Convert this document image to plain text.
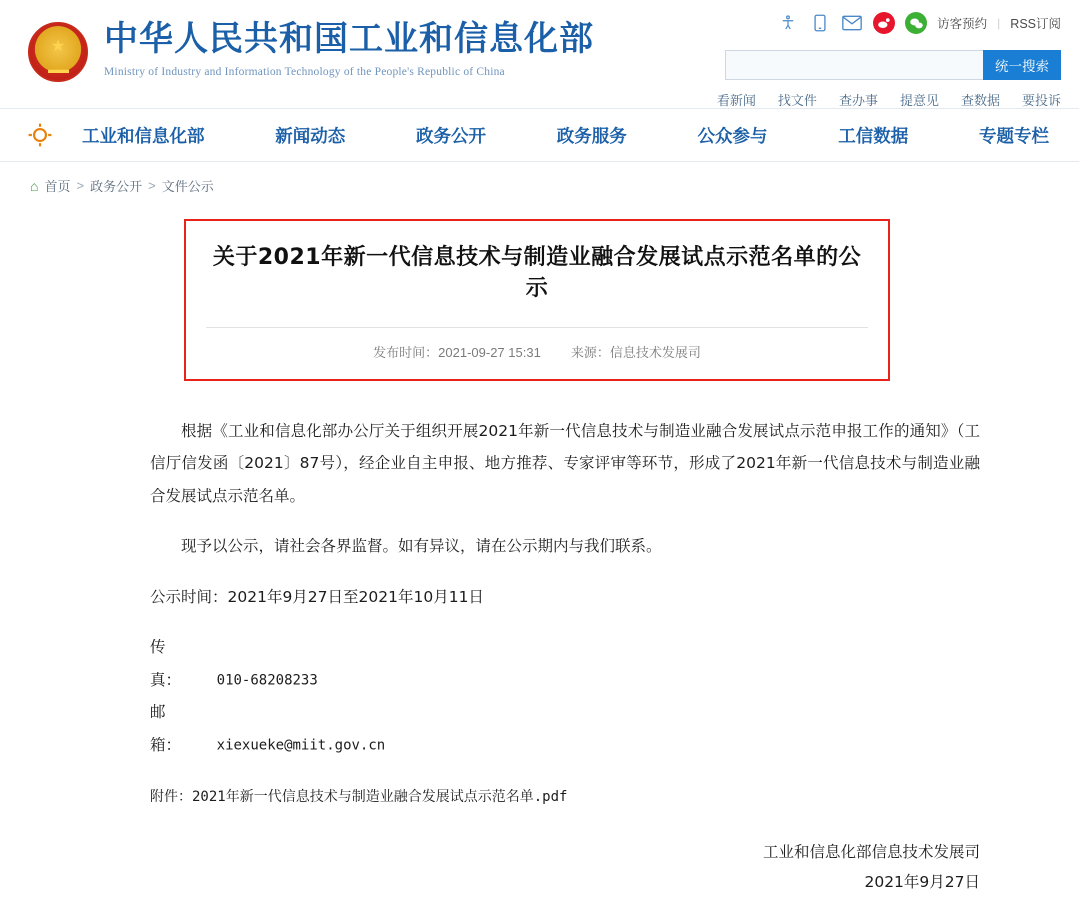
访客预约 | RSS订阅
★
▬▬
中华人民共和国工业和信息化部
Ministry of Industry and Information Technology of the People's Republic of China	统一搜索
看新闻 找文件 查办事 提意见 查数据 要投诉
工业和信息化部	新闻动态	政务公开	政务服务	公众参与	工信数据	专题专栏
⌂ 首页 > 政务公开 > 文件公示
关于2021年新一代信息技术与制造业融合发展试点示范名单的公示
发布时间：2021-09-27 15:31 来源：信息技术发展司

根据《工业和信息化部办公厅关于组织开展2021年新一代信息技术与制造业融合发展试点示范申报工作的通知》（工信厅信发函〔2021〕87号），经企业自主申报、地方推荐、专家评审等环节，形成了2021年新一代信息技术与制造业融合发展试点示范名单。

现予以公示，请社会各界监督。如有异议，请在公示期内与我们联系。

公示时间：2021年9月27日至2021年10月11日

传　　真：	010-68208233

邮　　箱：	xiexueke@miit.gov.cn

附件：2021年新一代信息技术与制造业融合发展试点示范名单.pdf

工业和信息化部信息技术发展司
2021年9月27日
